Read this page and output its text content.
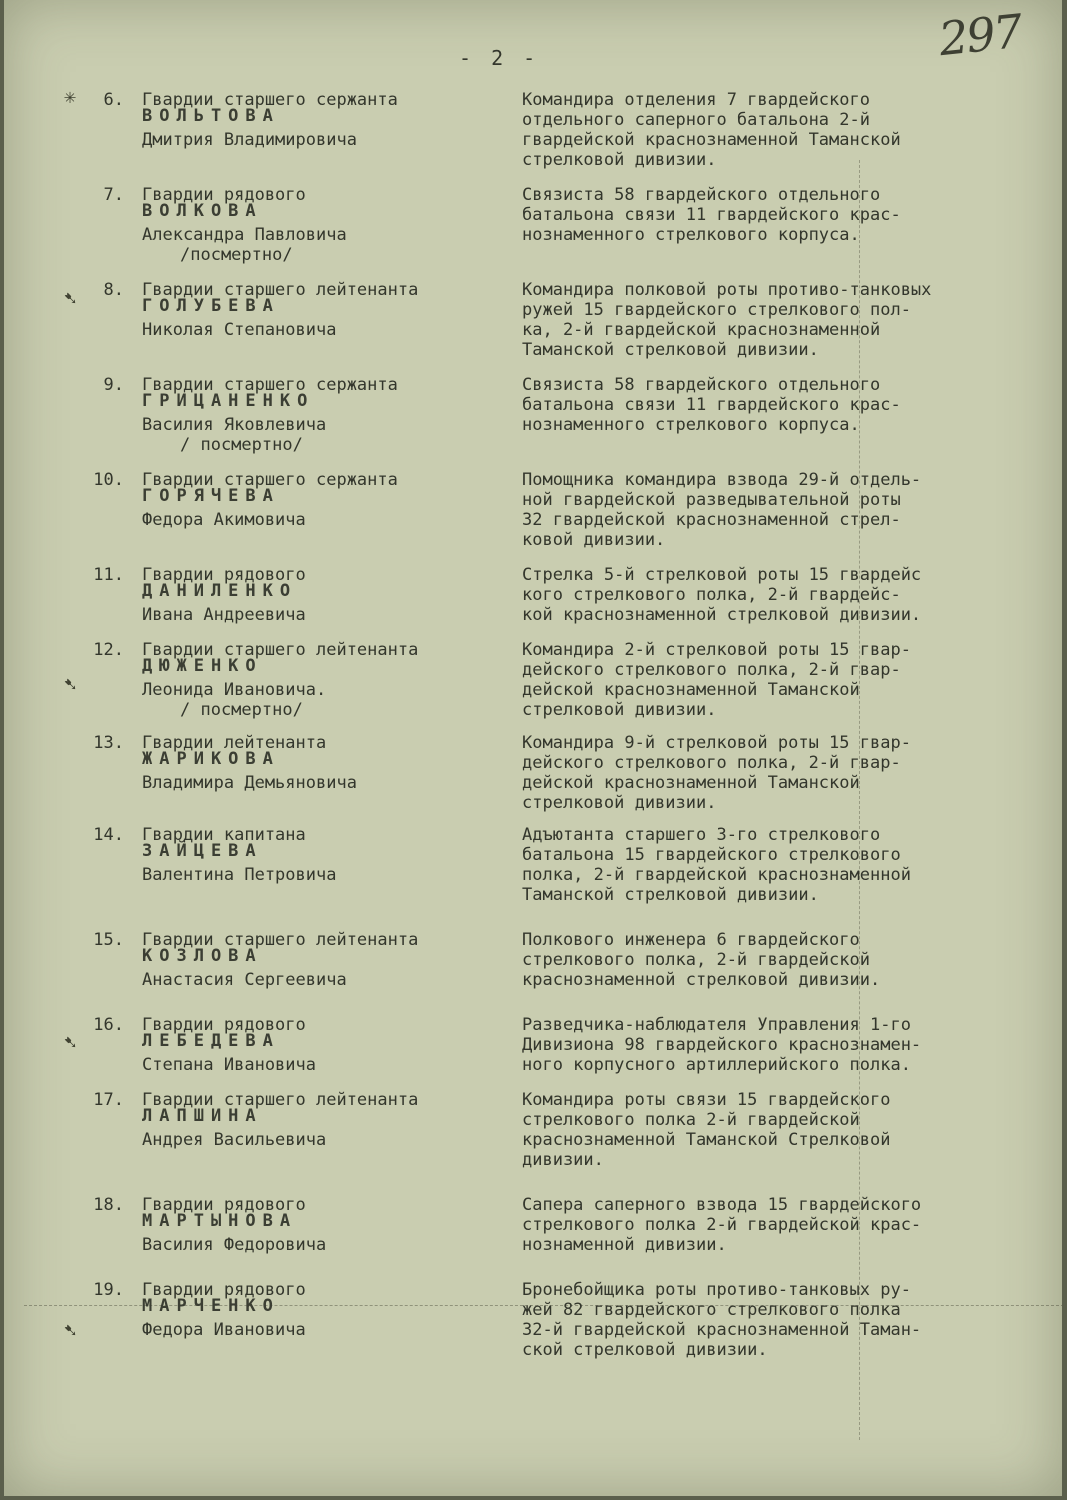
297
- 2 -
✳
➷
➷
➷
➷
6. Гвардии старшего сержанта
ВОЛЬТОВА
Дмитрия Владимировича
Командира отделения 7 гвардейского
отдельного саперного батальона 2-й
гвардейской краснознаменной Таманской
стрелковой дивизии.
7. Гвардии рядового
ВОЛКОВА
Александра Павловича
/посмертно/
Связиста 58 гвардейского отдельного
батальона связи 11 гвардейского крас-
нознаменного стрелкового корпуса.
8. Гвардии старшего лейтенанта
ГОЛУБЕВА
Николая Степановича
Командира полковой роты противо-танковых
ружей 15 гвардейского стрелкового пол-
ка, 2-й гвардейской краснознаменной
Таманской стрелковой дивизии.
9. Гвардии старшего сержанта
ГРИЦАНЕНКО
Василия Яковлевича
/ посмертно/
Связиста 58 гвардейского отдельного
батальона связи 11 гвардейского крас-
нознаменного стрелкового корпуса.
10. Гвардии старшего сержанта
ГОРЯЧЕВА
Федора Акимовича
Помощника командира взвода 29-й отдель-
ной гвардейской разведывательной роты
32 гвардейской краснознаменной стрел-
ковой дивизии.
11. Гвардии рядового
ДАНИЛЕНКО
Ивана Андреевича
Стрелка 5-й стрелковой роты 15 гвардейс
кого стрелкового полка, 2-й гвардейс-
кой краснознаменной стрелковой дивизии.
12. Гвардии старшего лейтенанта
ДЮЖЕНКО
Леонида Ивановича.
/ посмертно/
Командира 2-й стрелковой роты 15 гвар-
дейского стрелкового полка, 2-й гвар-
дейской краснознаменной Таманской
стрелковой дивизии.
13. Гвардии лейтенанта
ЖАРИКОВА
Владимира Демьяновича
Командира 9-й стрелковой роты 15 гвар-
дейского стрелкового полка, 2-й гвар-
дейской краснознаменной Таманской
стрелковой дивизии.
14. Гвардии капитана
ЗАЙЦЕВА
Валентина Петровича
Адъютанта старшего 3-го стрелкового
батальона 15 гвардейского стрелкового
полка, 2-й гвардейской краснознаменной
Таманской стрелковой дивизии.
15. Гвардии старшего лейтенанта
КОЗЛОВА
Анастасия Сергеевича
Полкового инженера 6 гвардейского
стрелкового полка, 2-й гвардейской
краснознаменной стрелковой дивизии.
16. Гвардии рядового
ЛЕБЕДЕВА
Степана Ивановича
Разведчика-наблюдателя Управления 1-го
Дивизиона 98 гвардейского краснознамен-
ного корпусного артиллерийского полка.
17. Гвардии старшего лейтенанта
ЛАПШИНА
Андрея Васильевича
Командира роты связи 15 гвардейского
стрелкового полка 2-й гвардейской
краснознаменной Таманской Стрелковой
дивизии.
18. Гвардии рядового
МАРТЫНОВА
Василия Федоровича
Сапера саперного взвода 15 гвардейского
стрелкового полка 2-й гвардейской крас-
нознаменной дивизии.
19. Гвардии рядового
МАРЧЕНКО
Федора Ивановича
Бронебойщика роты противо-танковых ру-
жей 82 гвардейского стрелкового полка
32-й гвардейской краснознаменной Таман-
ской стрелковой дивизии.
